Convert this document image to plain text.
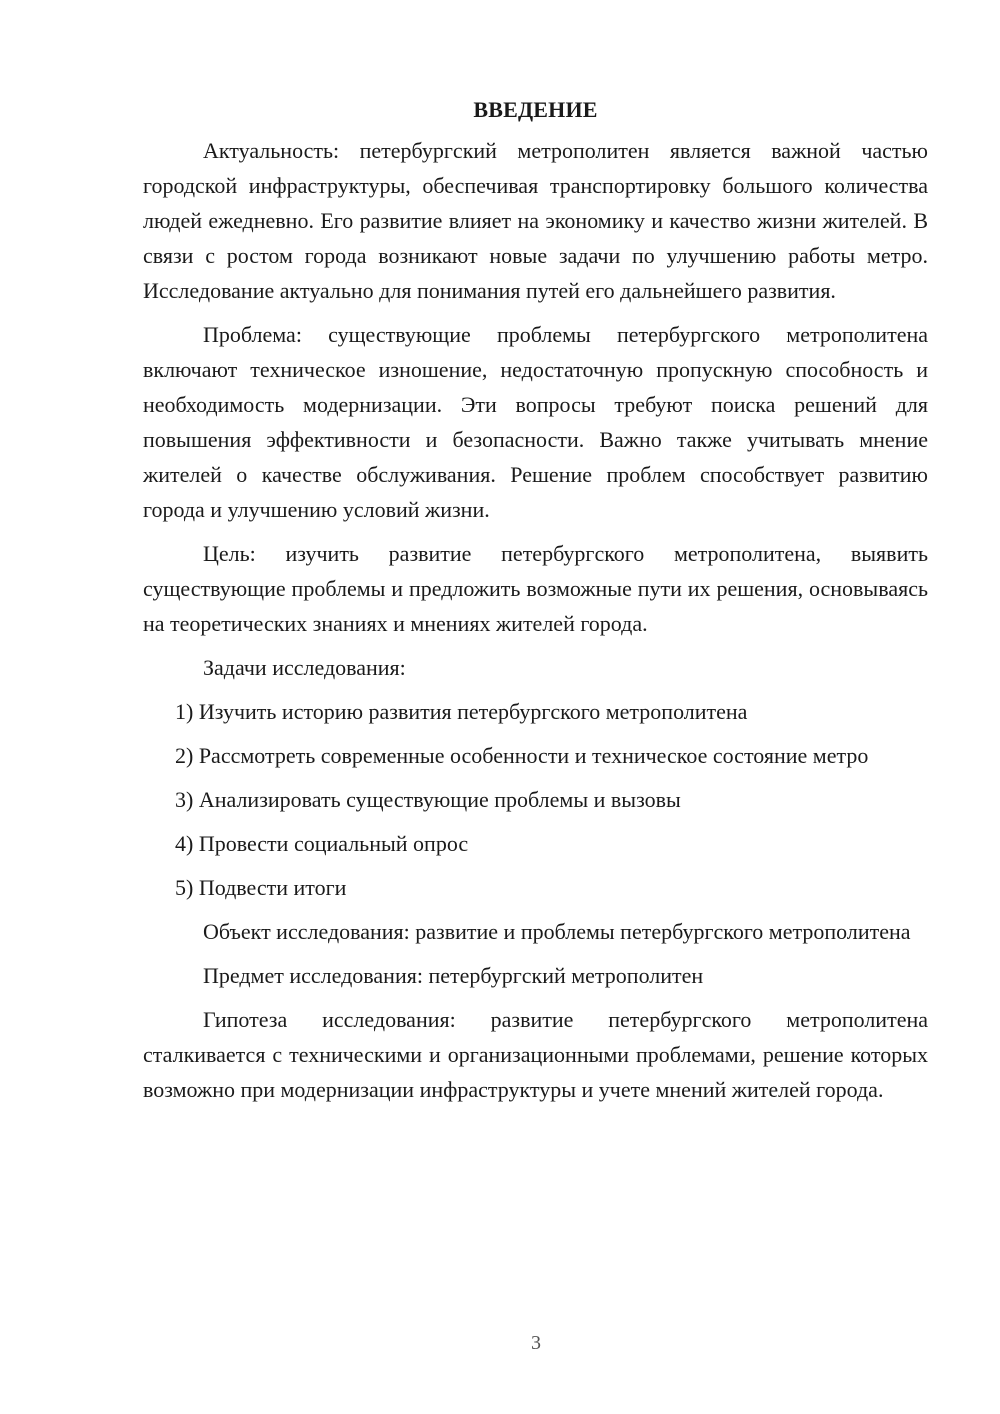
ВВЕДЕНИЕ

Актуальность: петербургский метрополитен является важной частью городской инфраструктуры, обеспечивая транспортировку большого количества людей ежедневно. Его развитие влияет на экономику и качество жизни жителей. В связи с ростом города возникают новые задачи по улучшению работы метро. Исследование актуально для понимания путей его дальнейшего развития.

Проблема: существующие проблемы петербургского метрополитена включают техническое изношение, недостаточную пропускную способность и необходимость модернизации. Эти вопросы требуют поиска решений для повышения эффективности и безопасности. Важно также учитывать мнение жителей о качестве обслуживания. Решение проблем способствует развитию города и улучшению условий жизни.

Цель: изучить развитие петербургского метрополитена, выявить существующие проблемы и предложить возможные пути их решения, основываясь на теоретических знаниях и мнениях жителей города.

Задачи исследования:

1) Изучить историю развития петербургского метрополитена

2) Рассмотреть современные особенности и техническое состояние метро

3) Анализировать существующие проблемы и вызовы

4) Провести социальный опрос

5) Подвести итоги

Объект исследования: развитие и проблемы петербургского метрополитена

Предмет исследования: петербургский метрополитен

Гипотеза исследования: развитие петербургского метрополитена сталкивается с техническими и организационными проблемами, решение которых возможно при модернизации инфраструктуры и учете мнений жителей города.

3
